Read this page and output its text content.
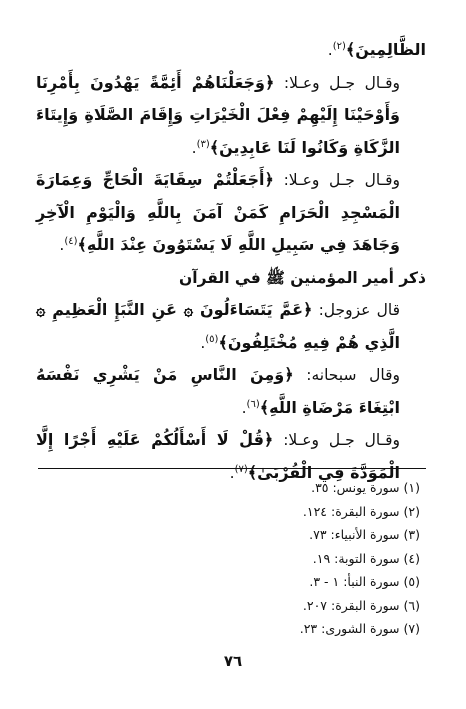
الظَّالِمِينَ﴾$^{(٢)}$.

وقـال جـل وعـلا: ﴿وَجَعَلْنَاهُمْ أَئِمَّةً يَهْدُونَ بِأَمْرِنَا وَأَوْحَيْنَا إِلَيْهِمْ فِعْلَ الْخَيْرَاتِ وَإِقَامَ الصَّلَاةِ وَإِيتَاءَ الزَّكَاةِ وَكَانُوا لَنَا عَابِدِينَ﴾$^{(٣)}$.

وقـال جـل وعـلا: ﴿أَجَعَلْتُمْ سِقَايَةَ الْحَاجِّ وَعِمَارَةَ الْمَسْجِدِ الْحَرَامِ كَمَنْ آمَنَ بِاللَّهِ وَالْيَوْمِ الْآخِرِ وَجَاهَدَ فِي سَبِيلِ اللَّهِ لَا يَسْتَوُونَ عِنْدَ اللَّهِ﴾$^{(٤)}$.

ذكر أمير المؤمنين ﷺ في القرآن

قال عزوجل: ﴿عَمَّ يَتَسَاءَلُونَ ۞ عَنِ النَّبَإِ الْعَظِيمِ ۞ الَّذِي هُمْ فِيهِ مُخْتَلِفُونَ﴾$^{(٥)}$.

وقال سبحانه: ﴿وَمِنَ النَّاسِ مَنْ يَشْرِي نَفْسَهُ ابْتِغَاءَ مَرْضَاةِ اللَّهِ﴾$^{(٦)}$.

وقـال جـل وعـلا: ﴿قُلْ لَا أَسْأَلُكُمْ عَلَيْهِ أَجْرًا إِلَّا الْمَوَدَّةَ فِي الْقُرْبَىٰ﴾$^{(٧)}$.

(١) سورة يونس: ٣٥.
(٢) سورة البقرة: ١٢٤.
(٣) سورة الأنبياء: ٧٣.
(٤) سورة التوبة: ١٩.
(٥) سورة النبأ: ١ - ٣.
(٦) سورة البقرة: ٢٠٧.
(٧) سورة الشورى: ٢٣.
٧٦
